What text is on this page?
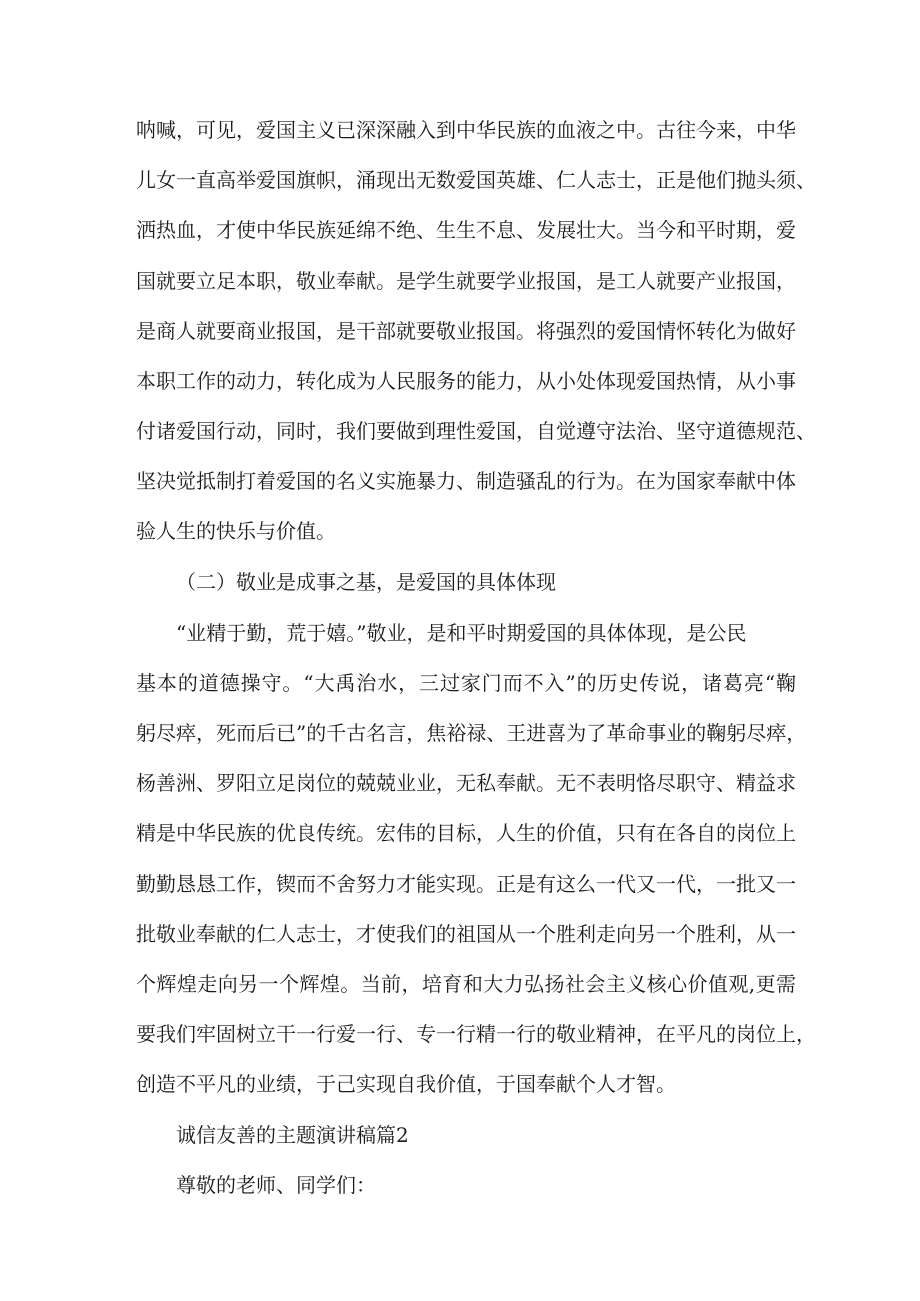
呐喊，可见，爱国主义已深深融入到中华民族的血液之中。古往今来，中华
儿女一直高举爱国旗帜，涌现出无数爱国英雄、仁人志士，正是他们抛头须、
洒热血，才使中华民族延绵不绝、生生不息、发展壮大。当今和平时期，爱
国就要立足本职，敬业奉献。是学生就要学业报国，是工人就要产业报国，
是商人就要商业报国，是干部就要敬业报国。将强烈的爱国情怀转化为做好
本职工作的动力，转化成为人民服务的能力，从小处体现爱国热情，从小事
付诸爱国行动，同时，我们要做到理性爱国，自觉遵守法治、坚守道德规范、
坚决觉抵制打着爱国的名义实施暴力、制造骚乱的行为。在为国家奉献中体
验人生的快乐与价值。
（二）敬业是成事之基，是爱国的具体体现
“业精于勤，荒于嬉。”敬业，是和平时期爱国的具体体现，是公民
基本的道德操守。“大禹治水，三过家门而不入”的历史传说，诸葛亮“鞠
躬尽瘁，死而后已”的千古名言，焦裕禄、王进喜为了革命事业的鞠躬尽瘁，
杨善洲、罗阳立足岗位的兢兢业业，无私奉献。无不表明恪尽职守、精益求
精是中华民族的优良传统。宏伟的目标，人生的价值，只有在各自的岗位上
勤勤恳恳工作，锲而不舍努力才能实现。正是有这么一代又一代，一批又一
批敬业奉献的仁人志士，才使我们的祖国从一个胜利走向另一个胜利，从一
个辉煌走向另一个辉煌。当前，培育和大力弘扬社会主义核心价值观,更需
要我们牢固树立干一行爱一行、专一行精一行的敬业精神，在平凡的岗位上，
创造不平凡的业绩，于己实现自我价值，于国奉献个人才智。
诚信友善的主题演讲稿篇2
尊敬的老师、同学们：
